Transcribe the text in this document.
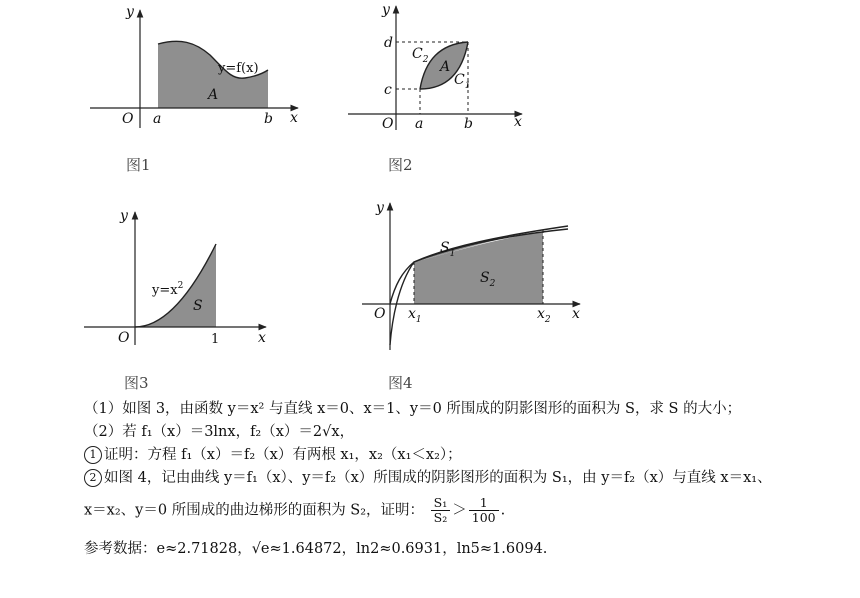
y
x
O a	b
y=f(x)
A
图1
y
x
O a	b
c
d
$C_2$
$C_1$
A
图2
y
x
O	1
$y=x^2$
S
图3
y
x
O $x_1$	$x_2$
$S_1$
$S_2$
图4
（1）如图 3，由函数 y＝x² 与直线 x＝0、x＝1、y＝0 所围成的阴影图形的面积为 S，求 S 的大小；
（2）若 f₁（x）＝3lnx，f₂（x）＝2√x，
1 证明：方程 f₁（x）＝f₂（x）有两根 x₁，x₂（x₁＜x₂）；
2 如图 4，记由曲线 y＝f₁（x）、y＝f₂（x）所围成的阴影图形的面积为 S₁，由 y＝f₂（x）与直线 x＝x₁、
x＝x₂、y＝0 所围成的曲边梯形的面积为 S₂，证明： $\frac{\text{S₁}}{\text{S₂}} > \frac{1}{100}$ .
参考数据：e≈2.71828，√e≈1.64872，ln2≈0.6931，ln5≈1.6094.
